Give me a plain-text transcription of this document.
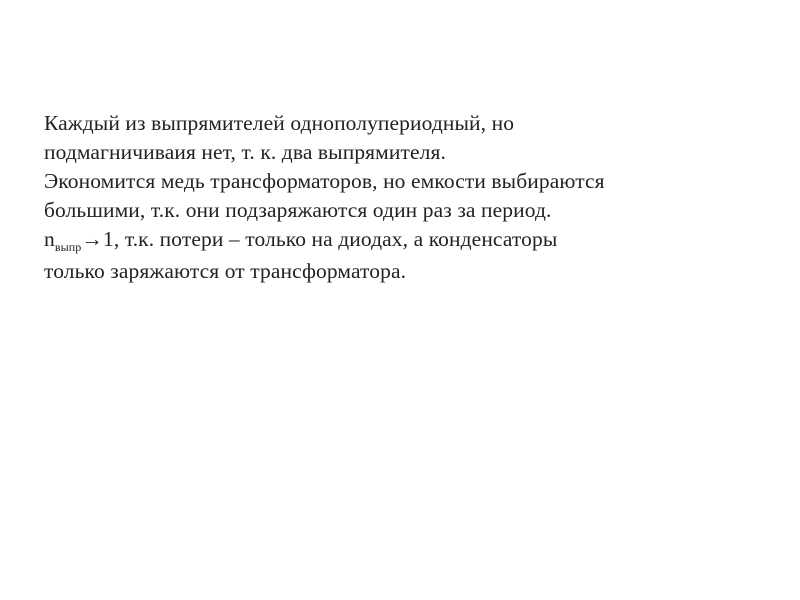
Каждый из выпрямителей однополупериодный, но
подмагничиваия нет, т. к. два выпрямителя.
Экономится медь трансформаторов, но емкости выбираются
большими, т.к. они подзаряжаются один раз за период.
$n_{выпр}\to 1$, т.к. потери – только на диодах, а конденсаторы
только заряжаются от трансформатора.
